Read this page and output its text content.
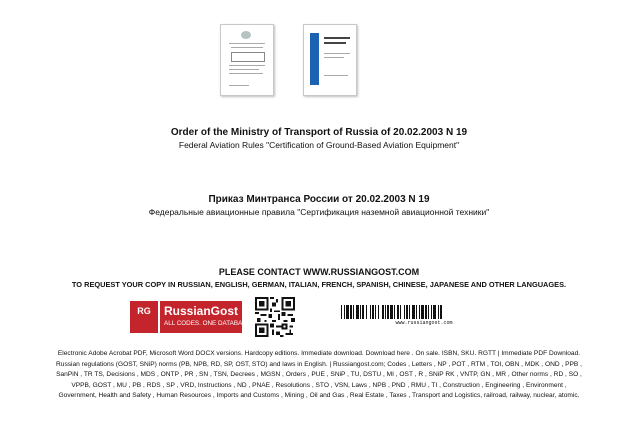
Order of the Ministry of Transport of Russia of 20.02.2003 N 19
Federal Aviation Rules "Certification of Ground-Based Aviation Equipment"
Приказ Минтранса России от 20.02.2003 N 19
Федеральные авиационные правила "Сертификация наземной авиационной техники"
PLEASE CONTACT WWW.RUSSIANGOST.COM
TO REQUEST YOUR COPY IN RUSSIAN, ENGLISH, GERMAN, ITALIAN, FRENCH, SPANISH, CHINESE, JAPANESE AND OTHER LANGUAGES.
RG	RussianGost
ALL CODES. ONE DATABASE.	www.russiangost.com
Electronic Adobe Acrobat PDF, Microsoft Word DOCX versions. Hardcopy editions. Immediate download. Download here . On sale. ISBN, SKU. RGTT | Immediate PDF Download. Russian regulations (GOST, SNiP) norms (PB, NPB, RD, SP, OST, STO) and laws in English. | Russiangost.com; Codes , Letters , NP , POT , RTM , TOI, OBN , MDK , OND , PPB , SanPiN , TR TS, Decisions , MDS , ONTP , PR , SN , TSN, Decrees , MGSN , Orders , PUE , SNiP , TU, DSTU , MI , OST , R , SNiP RK , VNTP, GN , MR , Other norms , RD , SO , VPPB, GOST , MU , PB , RDS , SP , VRD, Instructions , ND , PNAE , Resolutions , STO , VSN, Laws , NPB , PND , RMU , TI , Construction , Engineering , Environment , Government, Health and Safety , Human Resources , Imports and Customs , Mining , Oil and Gas , Real Estate , Taxes , Transport and Logistics, railroad, railway, nuclear, atomic.
